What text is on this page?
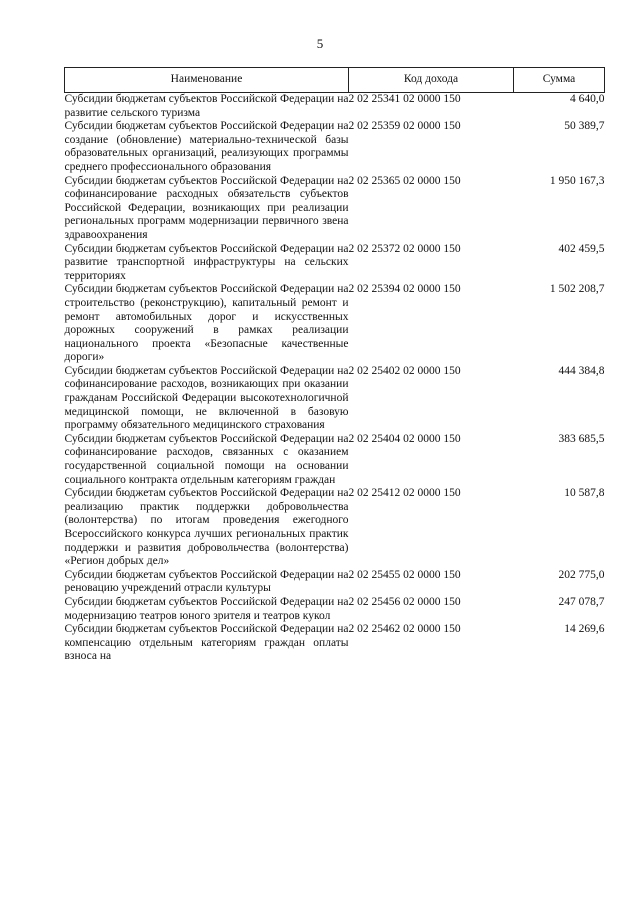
5
Наименование	Код дохода	Сумма
Субсидии бюджетам субъектов Российской Федерации на развитие сельского туризма	2 02 25341 02 0000 150	4 640,0
Субсидии бюджетам субъектов Российской Федерации на создание (обновление) материально-технической базы образовательных организаций, реализующих программы среднего профессионального образования	2 02 25359 02 0000 150	50 389,7
Субсидии бюджетам субъектов Российской Федерации на софинансирование расходных обязательств субъектов Российской Федерации, возникающих при реализации региональных программ модернизации первичного звена здравоохранения	2 02 25365 02 0000 150	1 950 167,3
Субсидии бюджетам субъектов Российской Федерации на развитие транспортной инфраструктуры на сельских территориях	2 02 25372 02 0000 150	402 459,5
Субсидии бюджетам субъектов Российской Федерации на строительство (реконструкцию), капитальный ремонт и ремонт автомобильных дорог и искусственных дорожных сооружений в рамках реализации национального проекта «Безопасные качественные дороги»	2 02 25394 02 0000 150	1 502 208,7
Субсидии бюджетам субъектов Российской Федерации на софинансирование расходов, возникающих при оказании гражданам Российской Федерации высокотехнологичной медицинской помощи, не включенной в базовую программу обязательного медицинского страхования	2 02 25402 02 0000 150	444 384,8
Субсидии бюджетам субъектов Российской Федерации на софинансирование расходов, связанных с оказанием государственной социальной помощи на основании социального контракта отдельным категориям граждан	2 02 25404 02 0000 150	383 685,5
Субсидии бюджетам субъектов Российской Федерации на реализацию практик поддержки добровольчества (волонтерства) по итогам проведения ежегодного Всероссийского конкурса лучших региональных практик поддержки и развития добровольчества (волонтерства) «Регион добрых дел»	2 02 25412 02 0000 150	10 587,8
Субсидии бюджетам субъектов Российской Федерации на реновацию учреждений отрасли культуры	2 02 25455 02 0000 150	202 775,0
Субсидии бюджетам субъектов Российской Федерации на модернизацию театров юного зрителя и театров кукол	2 02 25456 02 0000 150	247 078,7
Субсидии бюджетам субъектов Российской Федерации на компенсацию отдельным категориям граждан оплаты взноса на	2 02 25462 02 0000 150	14 269,6
